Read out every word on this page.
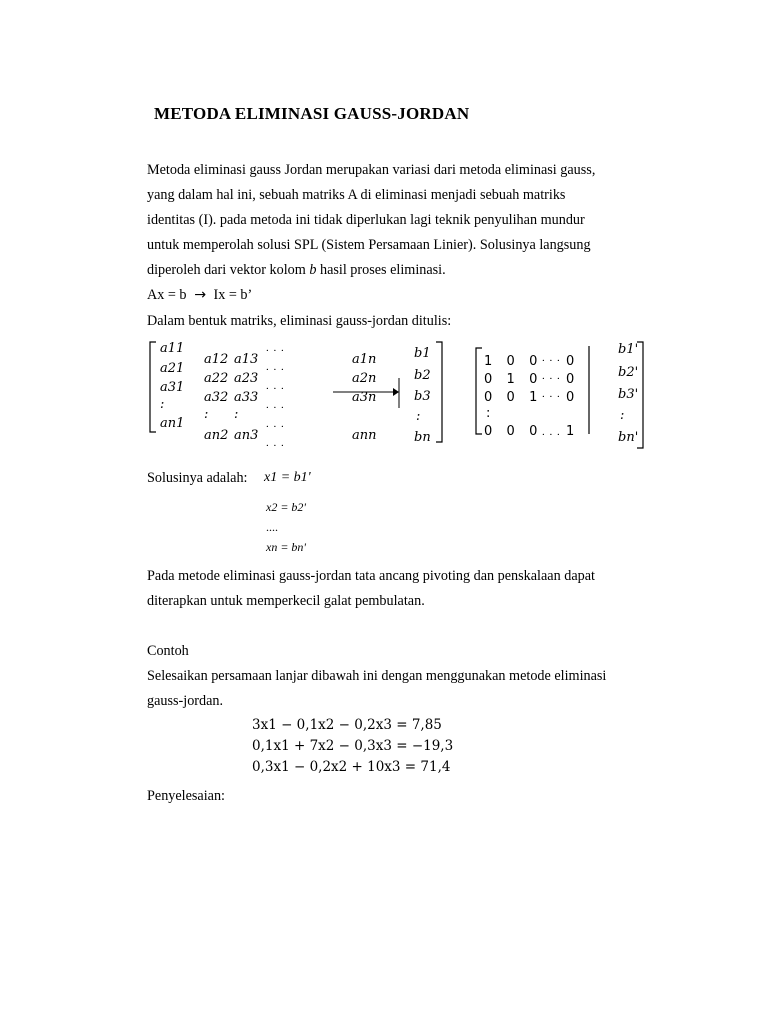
METODA ELIMINASI GAUSS-JORDAN
Metoda eliminasi gauss Jordan merupakan variasi dari metoda eliminasi gauss,
yang dalam hal ini, sebuah matriks A di eliminasi menjadi sebuah matriks
identitas (I). pada metoda ini tidak diperlukan lagi teknik penyulihan mundur
untuk memperolah solusi SPL (Sistem Persamaan Linier). Solusinya langsung
diperoleh dari vektor kolom b hasil proses eliminasi.
Ax = b → Ix = b’
Dalam bentuk matriks, eliminasi gauss-jordan ditulis:
a11
a21
a31
:
an1
a12
a22
a32
:
an2
a13
a23
a33
:
an3
. . .
. . .
. . .
. . .
. . .
. . .
a1n
a2n
a3n
ann
b1
b2
b3
:
bn
1  0  0
0  1  0
0  0  1
:
0  0  0
. . .
. . .
. . .
. . .
0
0
0
1
b1'
b2'
b3'
:
bn'
Solusinya adalah: x1 = b1'
x2 = b2'
....
xn = bn'
Pada metode eliminasi gauss-jordan tata ancang pivoting dan penskalaan dapat
diterapkan untuk memperkecil galat pembulatan.
Contoh
Selesaikan persamaan lanjar dibawah ini dengan menggunakan metode eliminasi
gauss-jordan.
3x1 − 0,1x2 − 0,2x3 = 7,85
0,1x1 + 7x2 − 0,3x3 = −19,3
0,3x1 − 0,2x2 + 10x3 = 71,4
Penyelesaian:
